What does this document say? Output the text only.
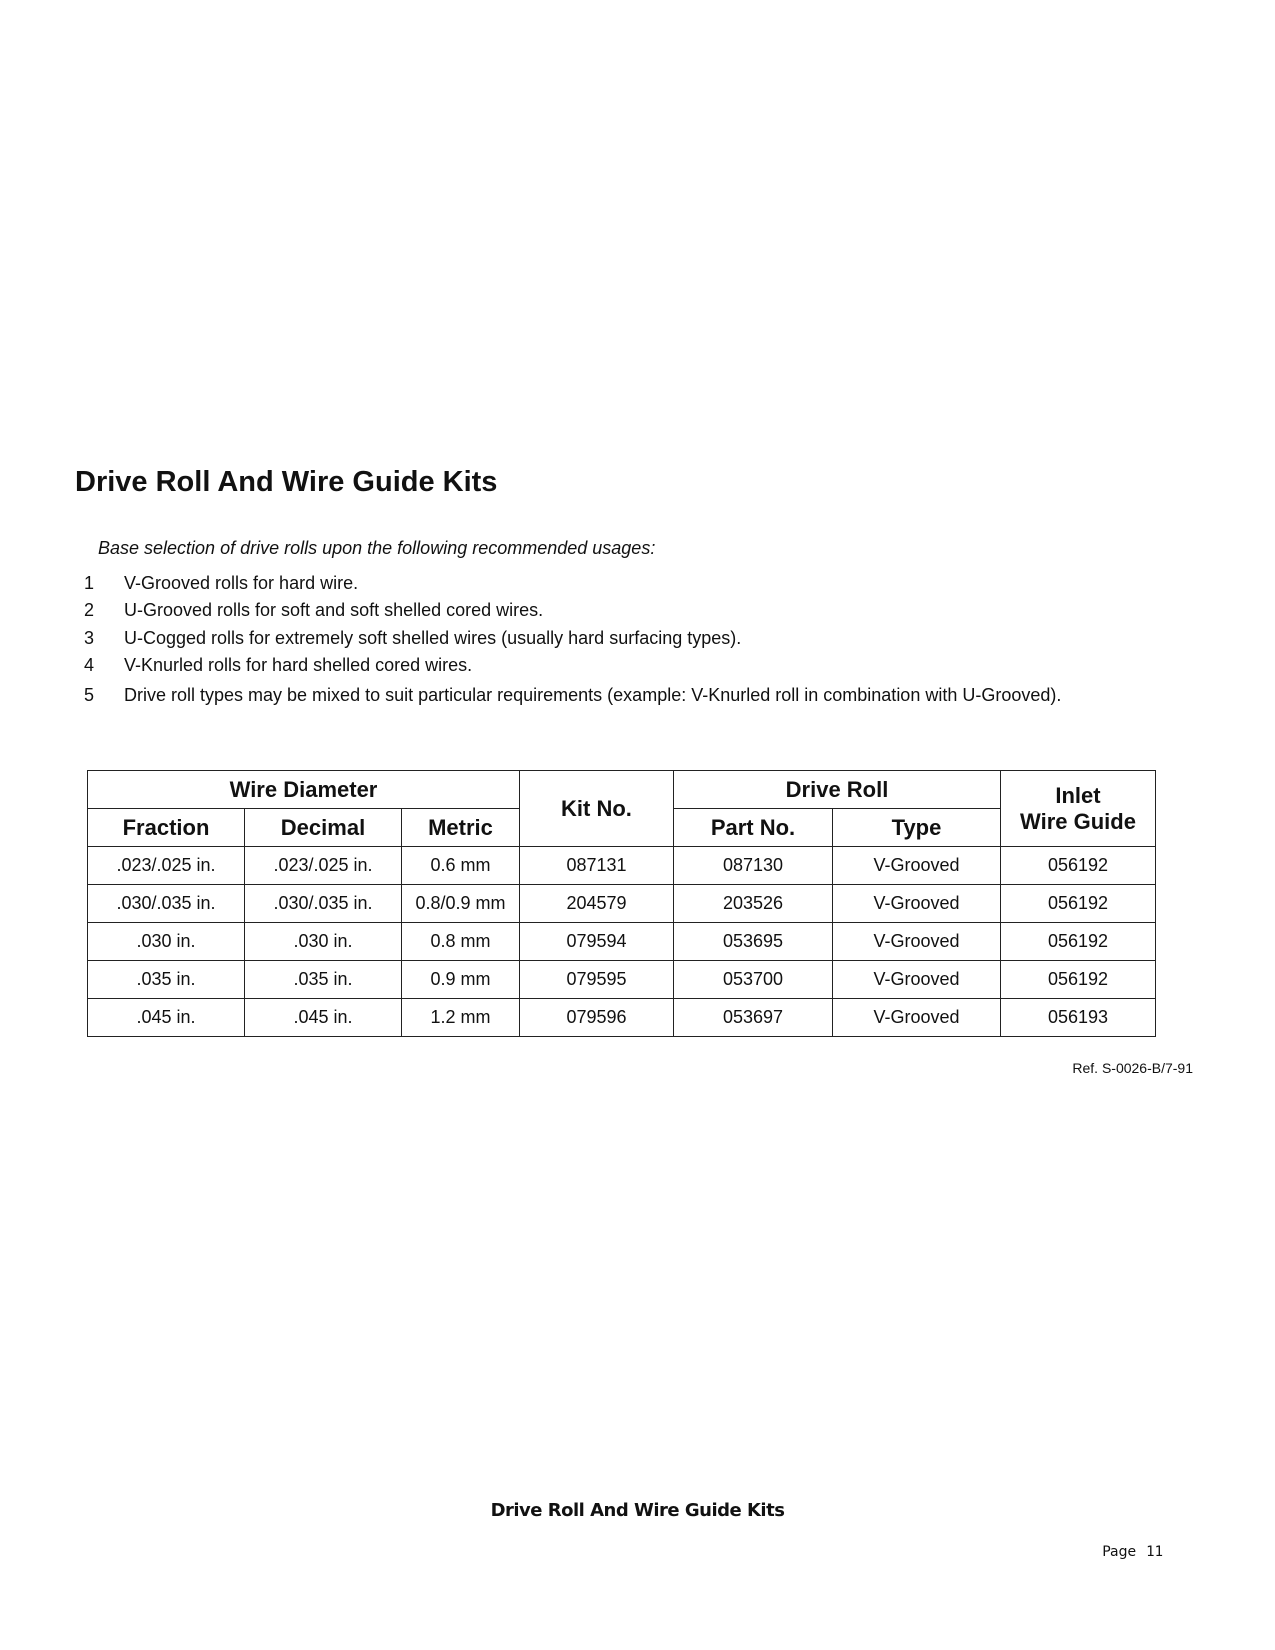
Drive Roll And Wire Guide Kits

Base selection of drive rolls upon the following recommended usages:

1 V-Grooved rolls for hard wire.
2 U-Grooved rolls for soft and soft shelled cored wires.
3 U-Cogged rolls for extremely soft shelled wires (usually hard surfacing types).
4 V-Knurled rolls for hard shelled cored wires.
5 Drive roll types may be mixed to suit particular requirements (example: V-Knurled roll in combination with U-Grooved).
Wire Diameter			Kit No.	Drive Roll		Inlet
Wire Guide
Fraction	Decimal	Metric		Part No.	Type	
.023/.025 in.	.023/.025 in.	0.6 mm	087131	087130	V-Grooved	056192
.030/.035 in.	.030/.035 in.	0.8/0.9 mm	204579	203526	V-Grooved	056192
.030 in.	.030 in.	0.8 mm	079594	053695	V-Grooved	056192
.035 in.	.035 in.	0.9 mm	079595	053700	V-Grooved	056192
.045 in.	.045 in.	1.2 mm	079596	053697	V-Grooved	056193
Ref. S-0026-B/7-91
Drive Roll And Wire Guide Kits
Page 11
